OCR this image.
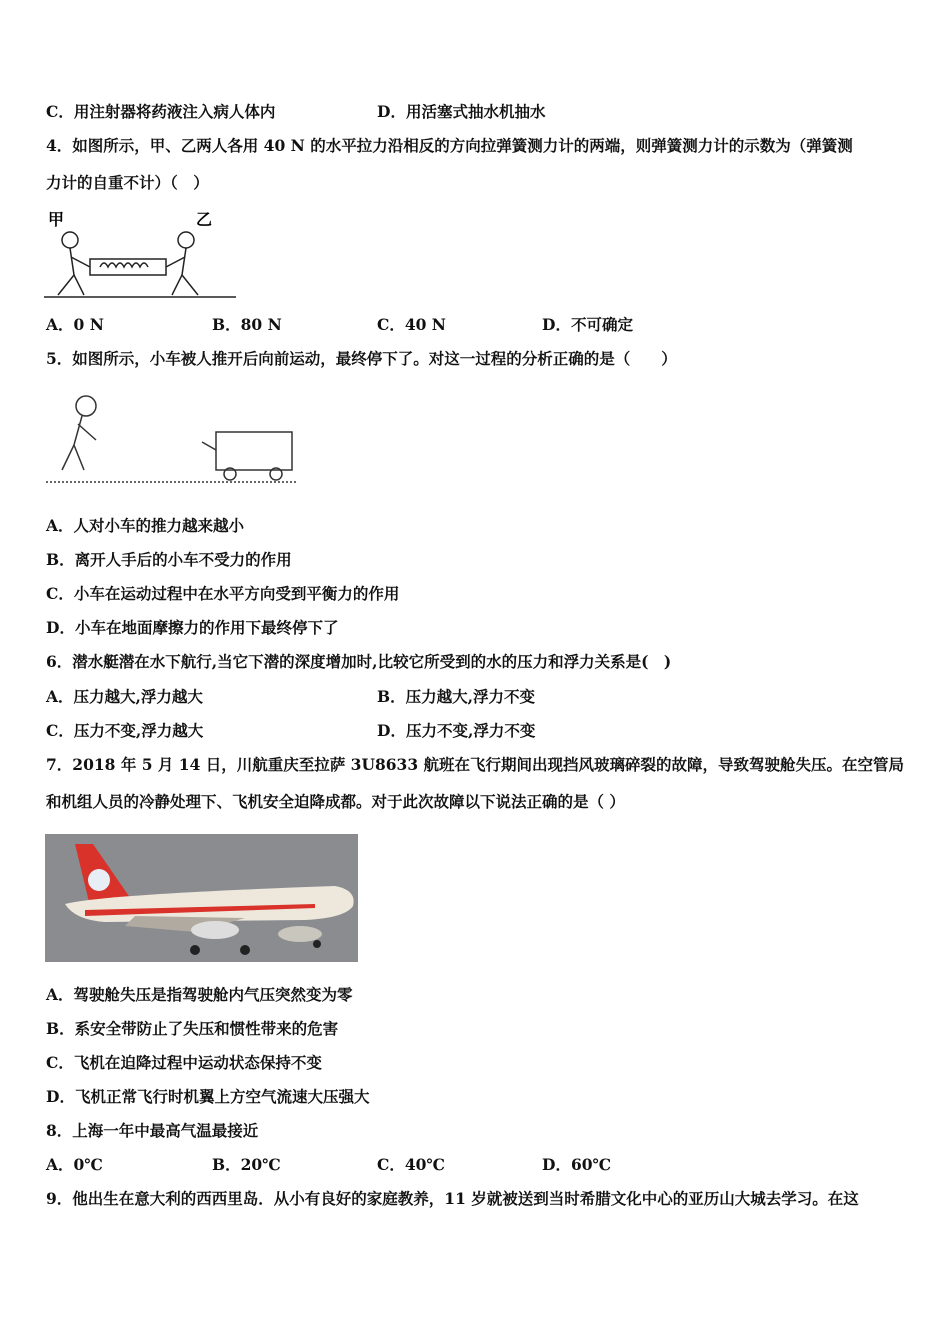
C．用注射器将药液注入病人体内	D．用活塞式抽水机抽水
4．如图所示，甲、乙两人各用 40 N 的水平拉力沿相反的方向拉弹簧测力计的两端，则弹簧测力计的示数为（弹簧测
力计的自重不计）（　）
甲	乙
A．0 N	B．80 N	C．40 N	D．不可确定
5．如图所示，小车被人推开后向前运动，最终停下了。对这一过程的分析正确的是（　　）
A．人对小车的推力越来越小
B．离开人手后的小车不受力的作用
C．小车在运动过程中在水平方向受到平衡力的作用
D．小车在地面摩擦力的作用下最终停下了
6．潜水艇潜在水下航行,当它下潜的深度增加时,比较它所受到的水的压力和浮力关系是(　)
A．压力越大,浮力越大	B．压力越大,浮力不变
C．压力不变,浮力越大	D．压力不变,浮力不变
7．2018 年 5 月 14 日，川航重庆至拉萨 3U8633 航班在飞行期间出现挡风玻璃碎裂的故障，导致驾驶舱失压。在空管局
和机组人员的冷静处理下、飞机安全迫降成都。对于此次故障以下说法正确的是（ ）
A．驾驶舱失压是指驾驶舱内气压突然变为零
B．系安全带防止了失压和惯性带来的危害
C．飞机在迫降过程中运动状态保持不变
D．飞机正常飞行时机翼上方空气流速大压强大
8．上海一年中最高气温最接近
A．0℃	B．20℃	C．40℃	D．60℃
9．他出生在意大利的西西里岛．从小有良好的家庭教养，11 岁就被送到当时希腊文化中心的亚历山大城去学习。在这
